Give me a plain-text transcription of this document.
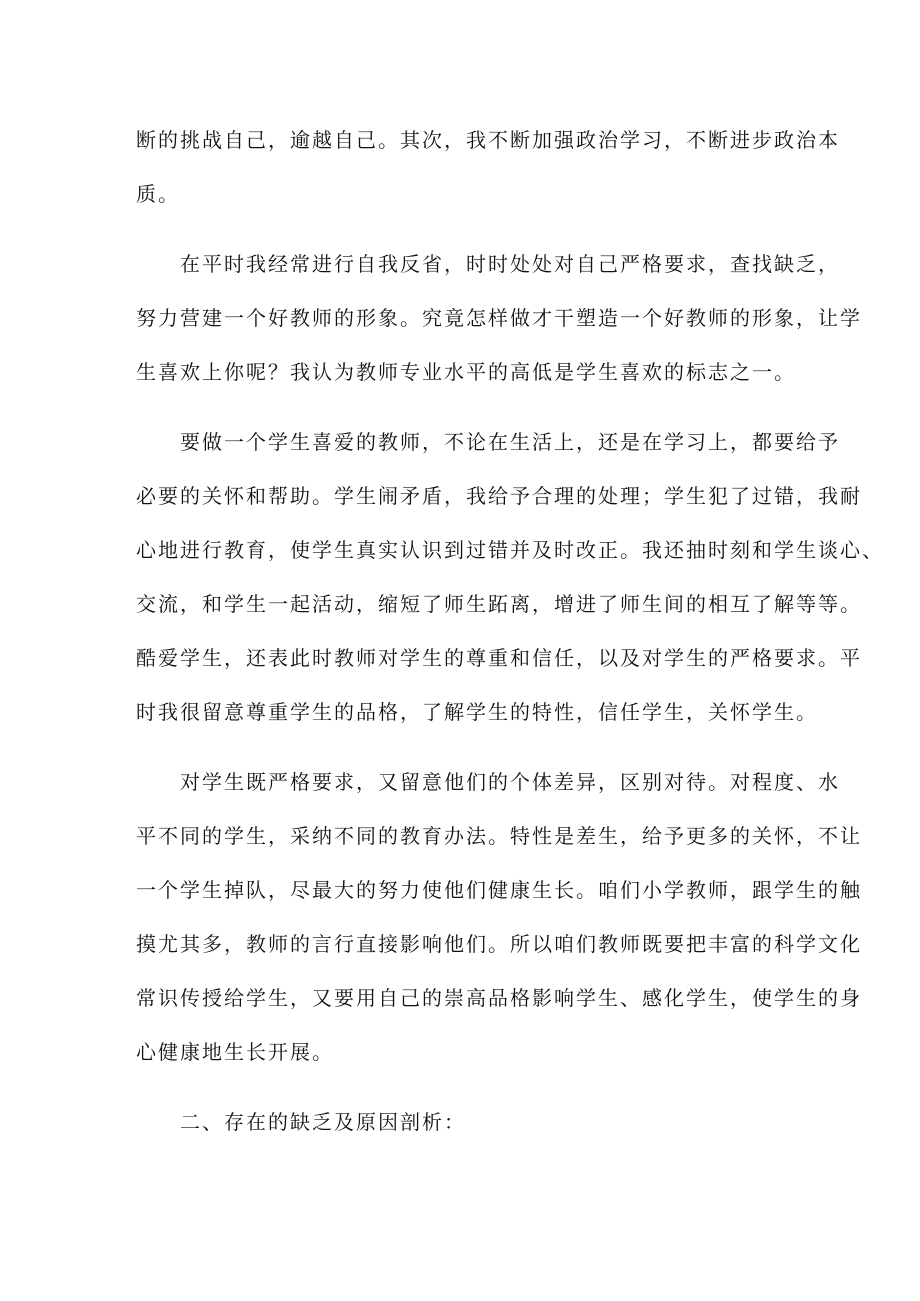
断的挑战自己，逾越自己。其次，我不断加强政治学习，不断进步政治本
质。
在平时我经常进行自我反省，时时处处对自己严格要求，查找缺乏，
努力营建一个好教师的形象。究竟怎样做才干塑造一个好教师的形象，让学
生喜欢上你呢？我认为教师专业水平的高低是学生喜欢的标志之一。
要做一个学生喜爱的教师，不论在生活上，还是在学习上，都要给予
必要的关怀和帮助。学生闹矛盾，我给予合理的处理；学生犯了过错，我耐
心地进行教育，使学生真实认识到过错并及时改正。我还抽时刻和学生谈心、
交流，和学生一起活动，缩短了师生跖离，增进了师生间的相互了解等等。
酷爱学生，还表此时教师对学生的尊重和信任，以及对学生的严格要求。平
时我很留意尊重学生的品格，了解学生的特性，信任学生，关怀学生。
对学生既严格要求，又留意他们的个体差异，区别对待。对程度、水
平不同的学生，采纳不同的教育办法。特性是差生，给予更多的关怀，不让
一个学生掉队，尽最大的努力使他们健康生长。咱们小学教师，跟学生的触
摸尤其多，教师的言行直接影响他们。所以咱们教师既要把丰富的科学文化
常识传授给学生，又要用自己的崇高品格影响学生、感化学生，使学生的身
心健康地生长开展。
二、存在的缺乏及原因剖析：
